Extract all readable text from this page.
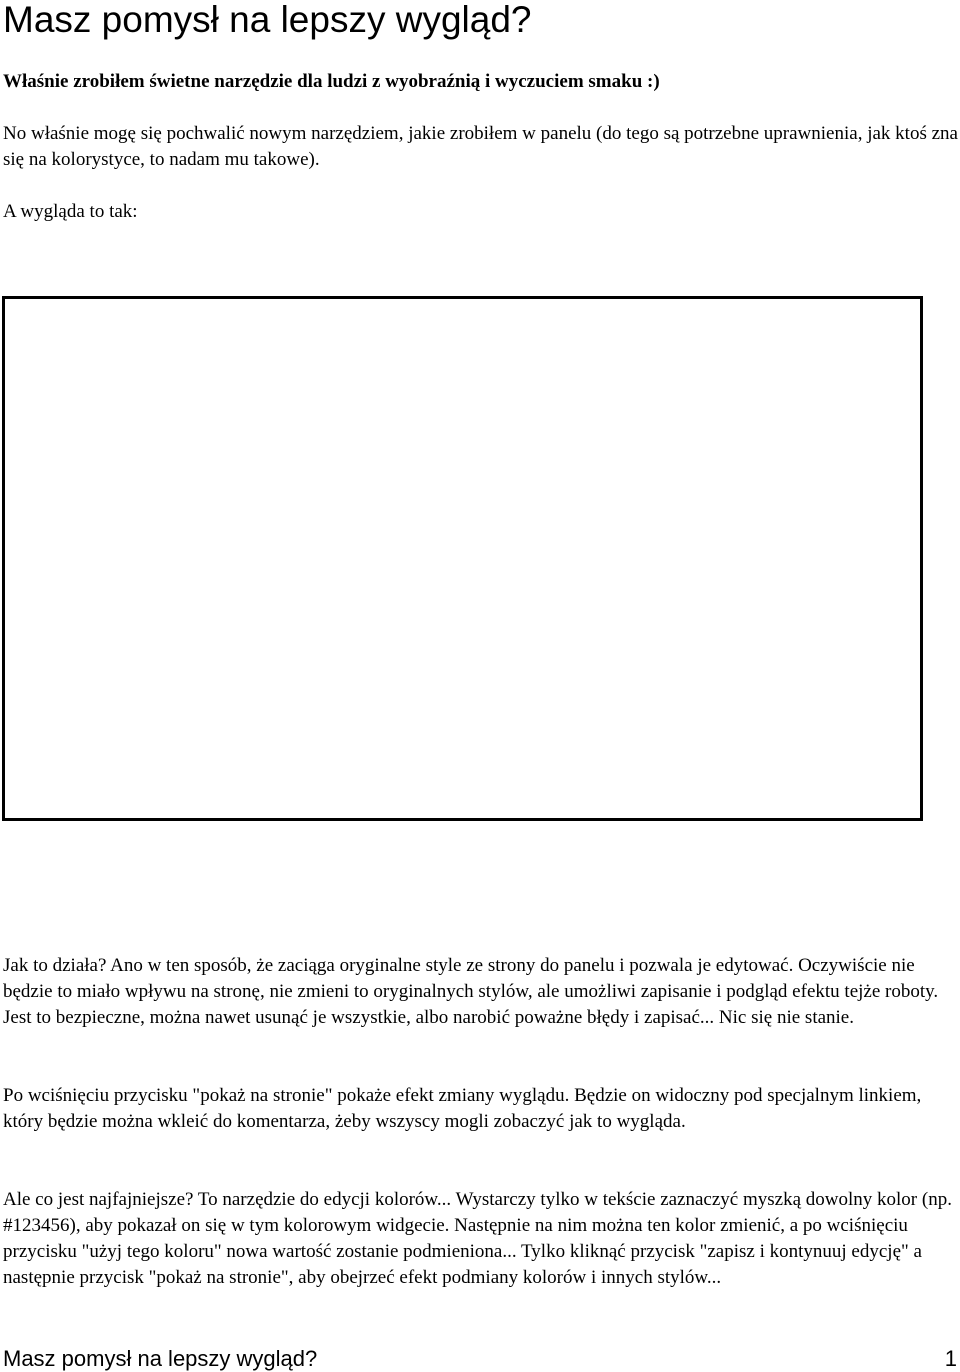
Masz pomysł na lepszy wygląd?

Właśnie zrobiłem świetne narzędzie dla ludzi z wyobraźnią i wyczuciem smaku :)

No właśnie mogę się pochwalić nowym narzędziem, jakie zrobiłem w panelu (do tego są potrzebne uprawnienia, jak ktoś zna się na kolorystyce, to nadam mu takowe).

A wygląda to tak:

Jak to działa? Ano w ten sposób, że zaciąga oryginalne style ze strony do panelu i pozwala je edytować. Oczywiście nie będzie to miało wpływu na stronę, nie zmieni to oryginalnych stylów, ale umożliwi zapisanie i podgląd efektu tejże roboty. Jest to bezpieczne, można nawet usunąć je wszystkie, albo narobić poważne błędy i zapisać... Nic się nie stanie.

Po wciśnięciu przycisku "pokaż na stronie" pokaże efekt zmiany wyglądu. Będzie on widoczny pod specjalnym linkiem, który będzie można wkleić do komentarza, żeby wszyscy mogli zobaczyć jak to wygląda.

Ale co jest najfajniejsze? To narzędzie do edycji kolorów... Wystarczy tylko w tekście zaznaczyć myszką dowolny kolor (np. #123456), aby pokazał on się w tym kolorowym widgecie. Następnie na nim można ten kolor zmienić, a po wciśnięciu przycisku "użyj tego koloru" nowa wartość zostanie podmieniona... Tylko kliknąć przycisk "zapisz i kontynuuj edycję" a następnie przycisk "pokaż na stronie", aby obejrzeć efekt podmiany kolorów i innych stylów...

Masz pomysł na lepszy wygląd?	1
